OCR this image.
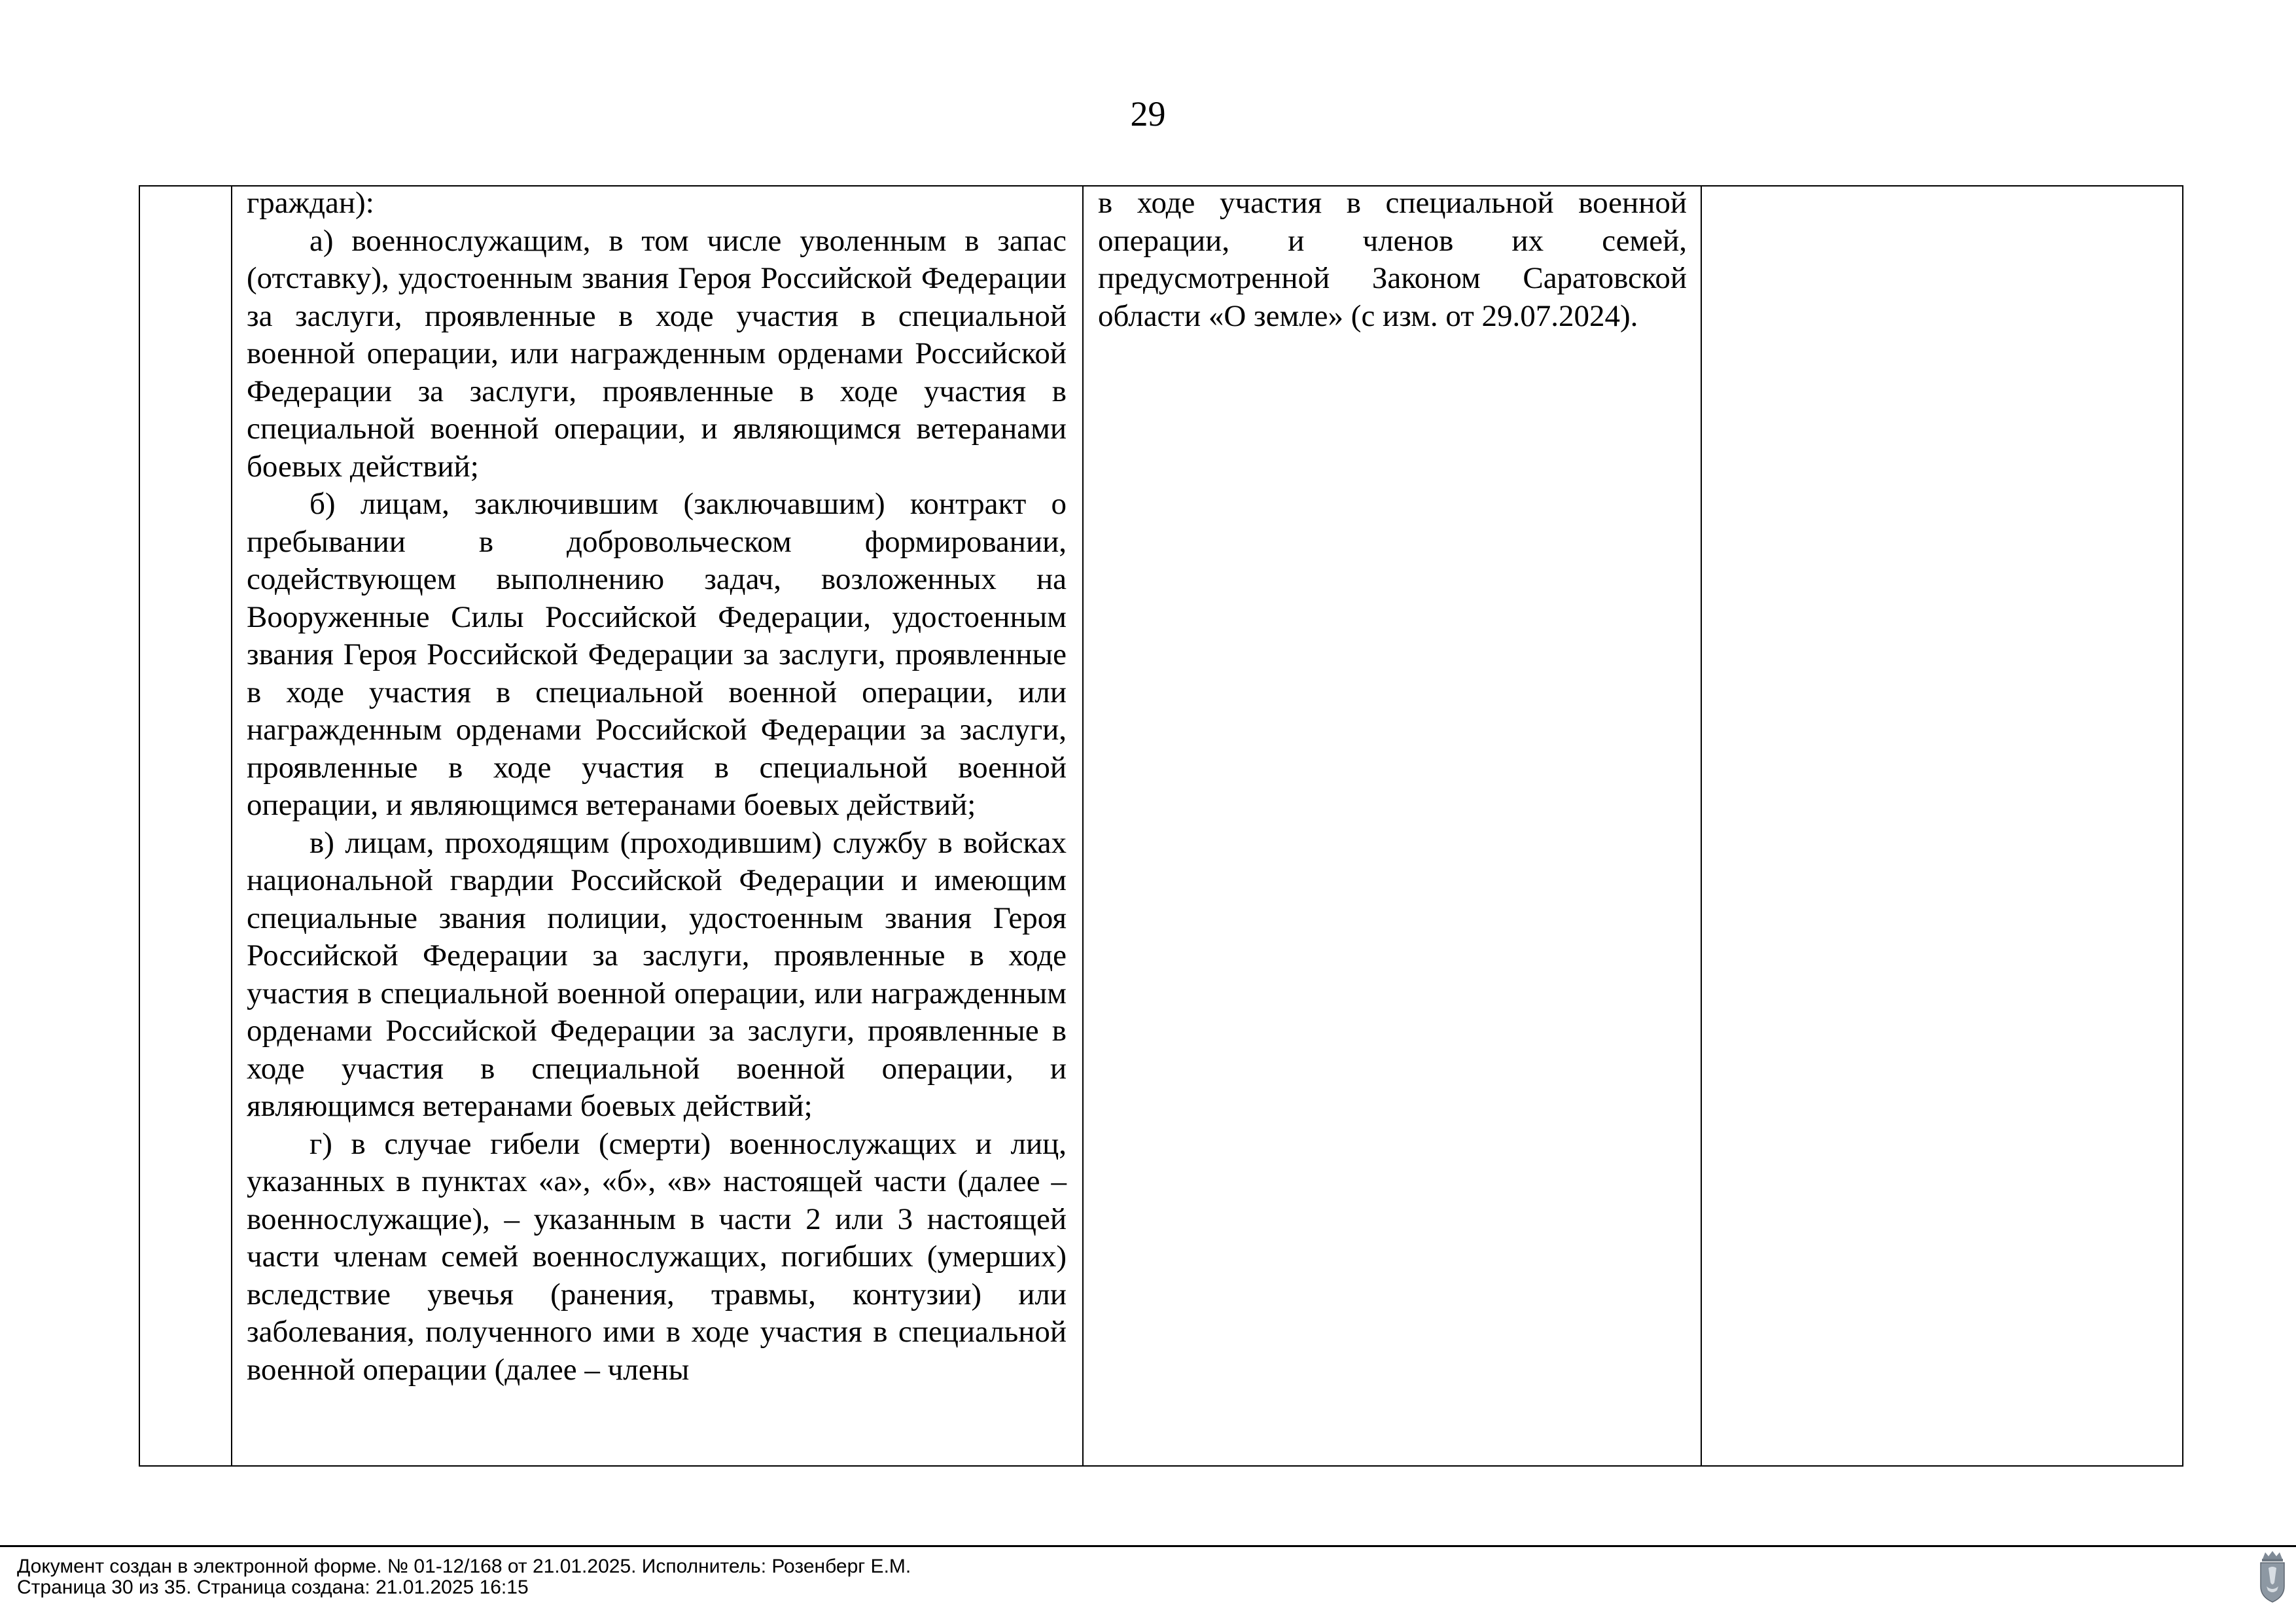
29

граждан):

а) военнослужащим, в том числе уволенным в запас (отставку), удостоенным звания Героя Российской Федерации за заслуги, проявленные в ходе участия в специальной военной операции, или награжденным орденами Российской Федерации за заслуги, проявленные в ходе участия в специальной военной операции, и являющимся ветеранами боевых действий;

б) лицам, заключившим (заключавшим) контракт о пребывании в добровольческом формировании, содействующем выполнению задач, возложенных на Вооруженные Силы Российской Федерации, удостоенным звания Героя Российской Федерации за заслуги, проявленные в ходе участия в специальной военной операции, или награжденным орденами Российской Федерации за заслуги, проявленные в ходе участия в специальной военной операции, и являющимся ветеранами боевых действий;

в) лицам, проходящим (проходившим) службу в войсках национальной гвардии Российской Федерации и имеющим специальные звания полиции, удостоенным звания Героя Российской Федерации за заслуги, проявленные в ходе участия в специальной военной операции, или награжденным орденами Российской Федерации за заслуги, проявленные в ходе участия в специальной военной операции, и являющимся ветеранами боевых действий;

г) в случае гибели (смерти) военнослужащих и лиц, указанных в пунктах «а», «б», «в» настоящей части (далее – военнослужащие), – указанным в части 2 или 3 настоящей части членам семей военнослужащих, погибших (умерших) вследствие увечья (ранения, травмы, контузии) или заболевания, полученного ими в ходе участия в специальной военной операции (далее – члены

в ходе участия в специальной военной операции, и членов их семей, предусмотренной Законом Саратовской области «О земле» (с изм. от 29.07.2024).

Документ создан в электронной форме. № 01-12/168 от 21.01.2025. Исполнитель: Розенберг Е.М.
Страница 30 из 35. Страница создана: 21.01.2025 16:15
